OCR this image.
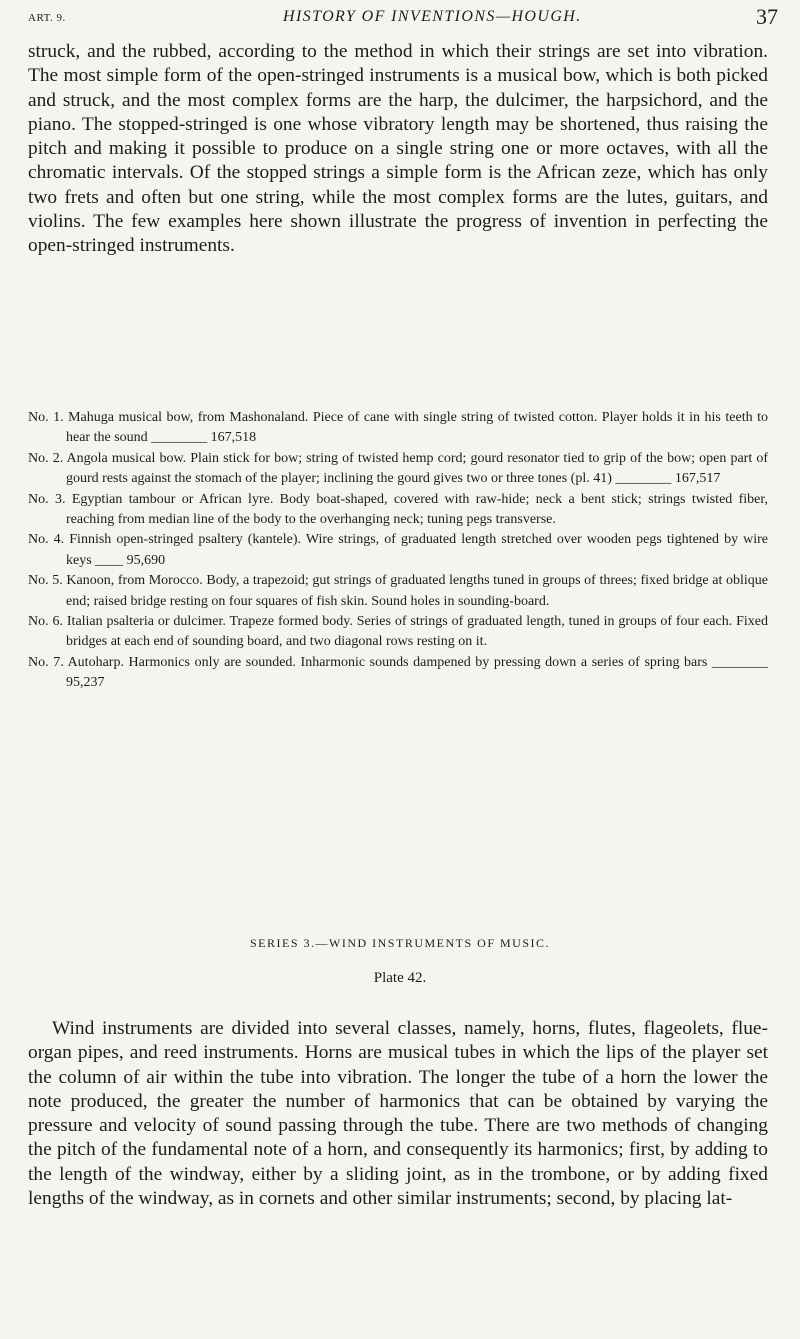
ART. 9.	HISTORY OF INVENTIONS—HOUGH.	37

struck, and the rubbed, according to the method in which their strings are set into vibration. The most simple form of the open-stringed instruments is a musical bow, which is both picked and struck, and the most complex forms are the harp, the dulcimer, the harpsichord, and the piano. The stopped-stringed is one whose vibratory length may be shortened, thus raising the pitch and making it possible to produce on a single string one or more octaves, with all the chromatic intervals. Of the stopped strings a simple form is the African zeze, which has only two frets and often but one string, while the most complex forms are the lutes, guitars, and violins. The few examples here shown illustrate the progress of invention in perfecting the open-stringed instruments.

No. 1. Mahuga musical bow, from Mashonaland. Piece of cane with single string of twisted cotton. Player holds it in his teeth to hear the sound ________ 167,518
No. 2. Angola musical bow. Plain stick for bow; string of twisted hemp cord; gourd resonator tied to grip of the bow; open part of gourd rests against the stomach of the player; inclining the gourd gives two or three tones (pl. 41) ________ 167,517
No. 3. Egyptian tambour or African lyre. Body boat-shaped, covered with raw-hide; neck a bent stick; strings twisted fiber, reaching from median line of the body to the overhanging neck; tuning pegs transverse.
No. 4. Finnish open-stringed psaltery (kantele). Wire strings, of graduated length stretched over wooden pegs tightened by wire keys ____ 95,690
No. 5. Kanoon, from Morocco. Body, a trapezoid; gut strings of graduated lengths tuned in groups of threes; fixed bridge at oblique end; raised bridge resting on four squares of fish skin. Sound holes in sounding-board.
No. 6. Italian psalteria or dulcimer. Trapeze formed body. Series of strings of graduated length, tuned in groups of four each. Fixed bridges at each end of sounding board, and two diagonal rows resting on it.
No. 7. Autoharp. Harmonics only are sounded. Inharmonic sounds dampened by pressing down a series of spring bars ________ 95,237
SERIES 3.—WIND INSTRUMENTS OF MUSIC.
Plate 42.

Wind instruments are divided into several classes, namely, horns, flutes, flageolets, flue-organ pipes, and reed instruments. Horns are musical tubes in which the lips of the player set the column of air within the tube into vibration. The longer the tube of a horn the lower the note produced, the greater the number of harmonics that can be obtained by varying the pressure and velocity of sound passing through the tube. There are two methods of changing the pitch of the fundamental note of a horn, and consequently its harmonics; first, by adding to the length of the windway, either by a sliding joint, as in the trombone, or by adding fixed lengths of the windway, as in cornets and other similar instruments; second, by placing lat-
